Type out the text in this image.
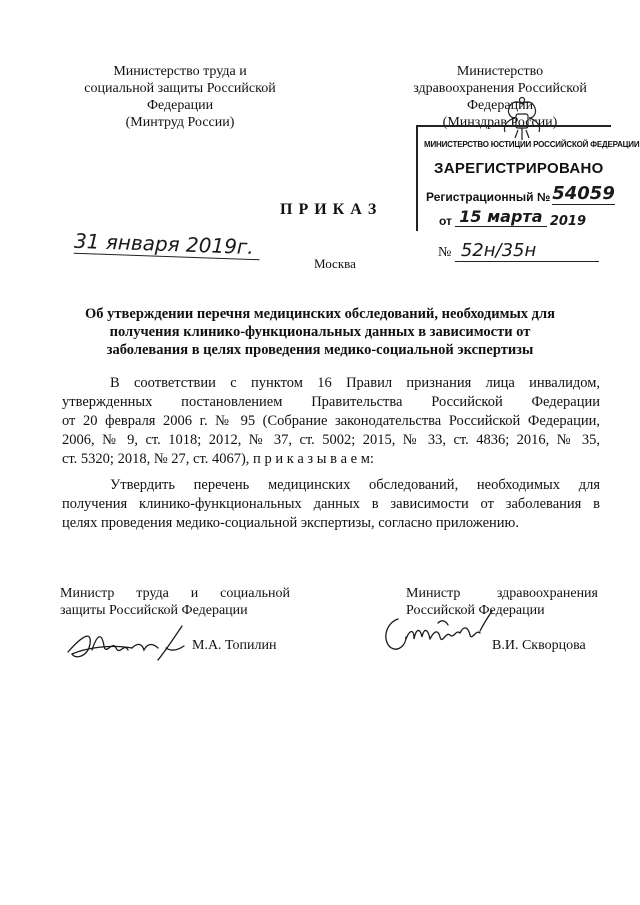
Министерство труда и
социальной защиты Российской
Федерации
(Минтруд России)
Министерство
здравоохранения Российской
Федерации
(Минздрав России)
МИНИСТЕРСТВО ЮСТИЦИИ РОССИЙСКОЙ ФЕДЕРАЦИИ
ЗАРЕГИСТРИРОВАНО
Регистрационный № 54059
от 15 марта 2019
П Р И К А З
31 января 2019г.
Москва
№ 52н/35н
Об утверждении перечня медицинских обследований, необходимых для
получения клинико-функциональных данных в зависимости от
заболевания в целях проведения медико-социальной экспертизы
В соответствии с пунктом 16 Правил признания лица инвалидом,
утвержденных постановлением Правительства Российской Федерации
от 20 февраля 2006 г. № 95 (Собрание законодательства Российской Федерации,
2006, № 9, ст. 1018; 2012, № 37, ст. 5002; 2015, № 33, ст. 4836; 2016, № 35,
ст. 5320; 2018, № 27, ст. 4067), п р и к а з ы в а е м:
Утвердить перечень медицинских обследований, необходимых для
получения клинико-функциональных данных в зависимости от заболевания в
целях проведения медико-социальной экспертизы, согласно приложению.
Министр труда и социальной
защиты Российской Федерации
М.А. Топилин
Министр здравоохранения
Российской Федерации
В.И. Скворцова
